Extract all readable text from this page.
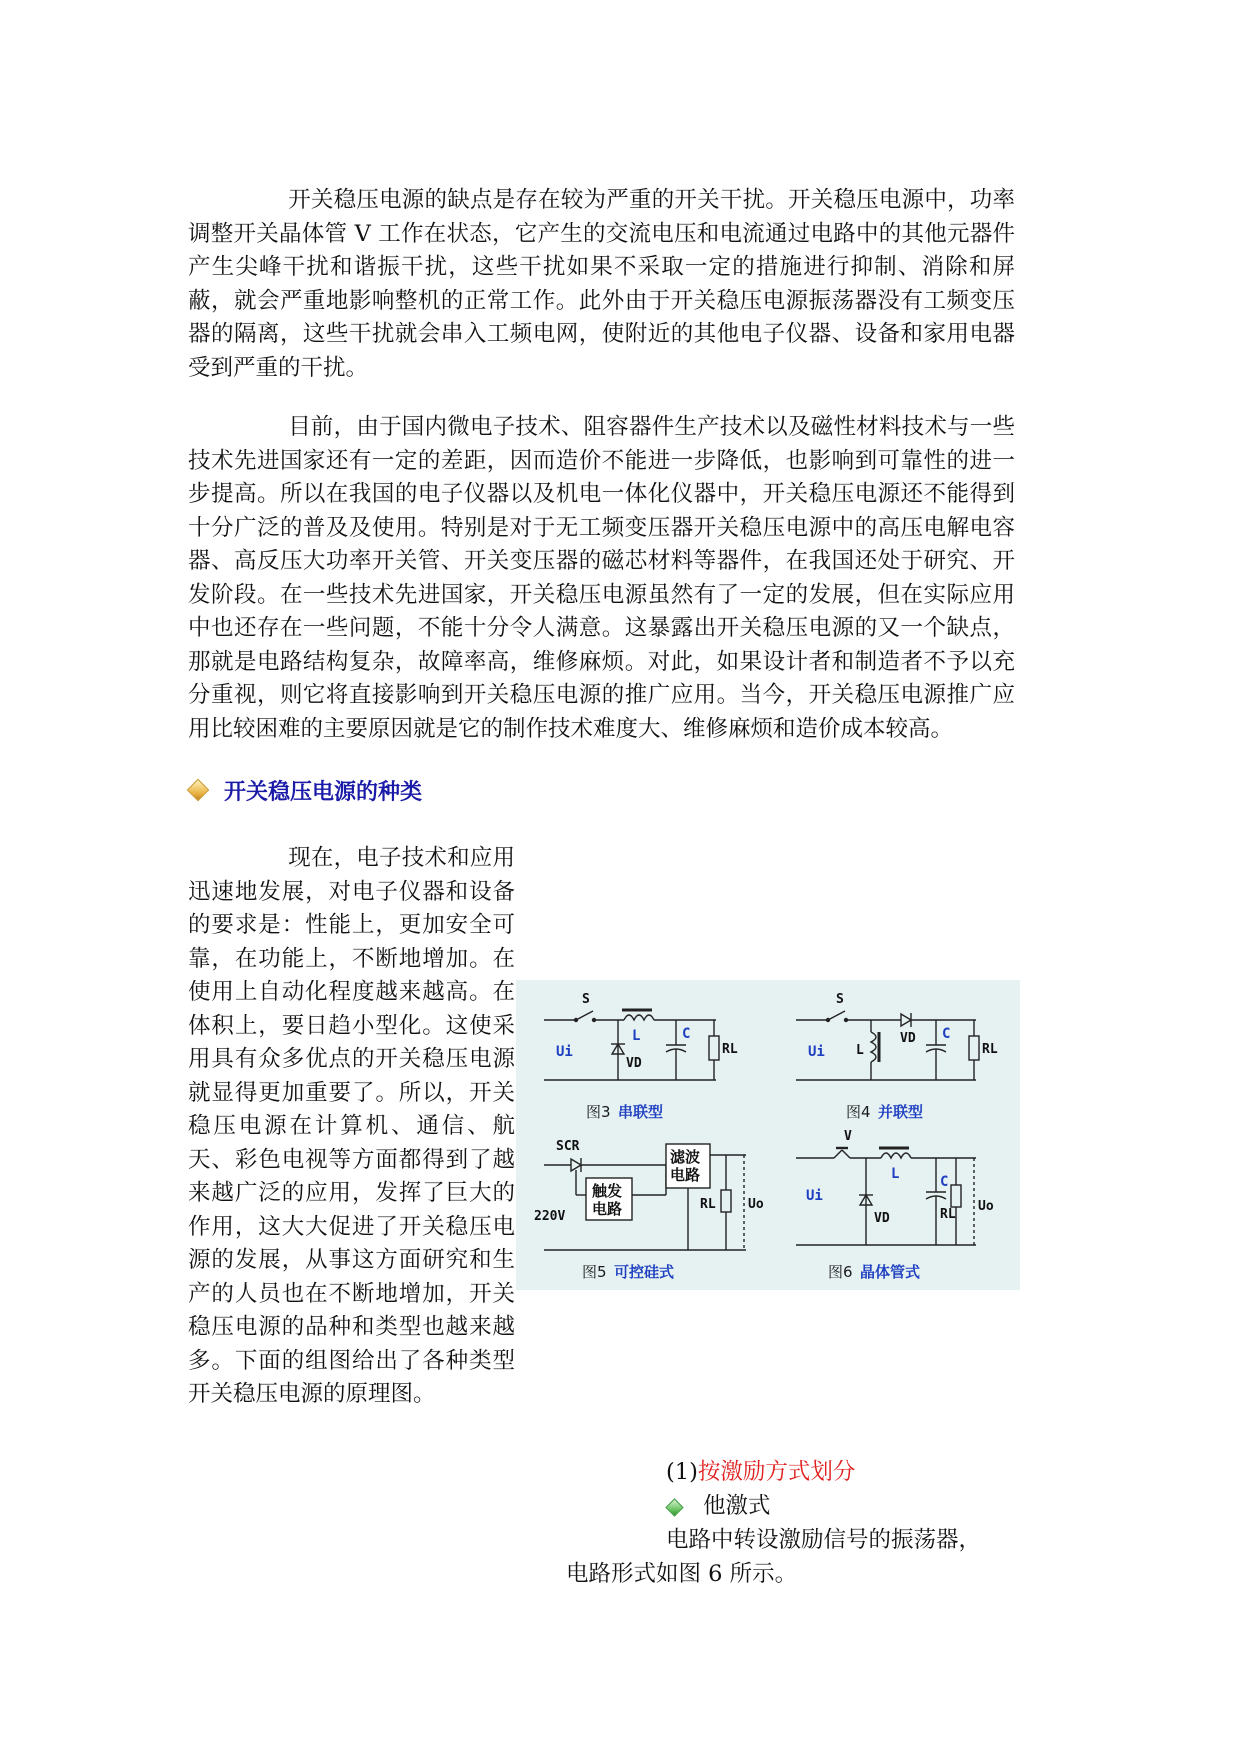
开关稳压电源的缺点是存在较为严重的开关干扰。开关稳压电源中，功率调整开关晶体管 V 工作在状态，它产生的交流电压和电流通过电路中的其他元器件产生尖峰干扰和谐振干扰，这些干扰如果不采取一定的措施进行抑制、消除和屏蔽，就会严重地影响整机的正常工作。此外由于开关稳压电源振荡器没有工频变压器的隔离，这些干扰就会串入工频电网，使附近的其他电子仪器、设备和家用电器受到严重的干扰。

目前，由于国内微电子技术、阻容器件生产技术以及磁性材料技术与一些技术先进国家还有一定的差距，因而造价不能进一步降低，也影响到可靠性的进一步提高。所以在我国的电子仪器以及机电一体化仪器中，开关稳压电源还不能得到十分广泛的普及及使用。特别是对于无工频变压器开关稳压电源中的高压电解电容器、高反压大功率开关管、开关变压器的磁芯材料等器件，在我国还处于研究、开发阶段。在一些技术先进国家，开关稳压电源虽然有了一定的发展，但在实际应用中也还存在一些问题，不能十分令人满意。这暴露出开关稳压电源的又一个缺点，那就是电路结构复杂，故障率高，维修麻烦。对此，如果设计者和制造者不予以充分重视，则它将直接影响到开关稳压电源的推广应用。当今，开关稳压电源推广应用比较困难的主要原因就是它的制作技术难度大、维修麻烦和造价成本较高。

开关稳压电源的种类

现在，电子技术和应用迅速地发展，对电子仪器和设备的要求是：性能上，更加安全可靠，在功能上，不断地增加。在使用上自动化程度越来越高。在体积上，要日趋小型化。这使采用具有众多优点的开关稳压电源就显得更加重要了。所以，开关稳压电源在计算机、通信、航天、彩色电视等方面都得到了越来越广泛的应用，发挥了巨大的作用，这大大促进了开关稳压电源的发展，从事这方面研究和生产的人员也在不断地增加，开关稳压电源的品种和类型也越来越多。下面的组图给出了各种类型开关稳压电源的原理图。

S
L	C
VD
Ui	RL
图3 串联型
S
L
VD C
Ui	RL
图4 并联型
触发
电路
滤波
电路
SCR
220V
RL Uo
图5 可控硅式
V
L	C
VD	RL
Uo
Ui
图6 晶体管式
(1)按激励方式划分
他激式
电路中转设激励信号的振荡器，
电路形式如图 6 所示。
